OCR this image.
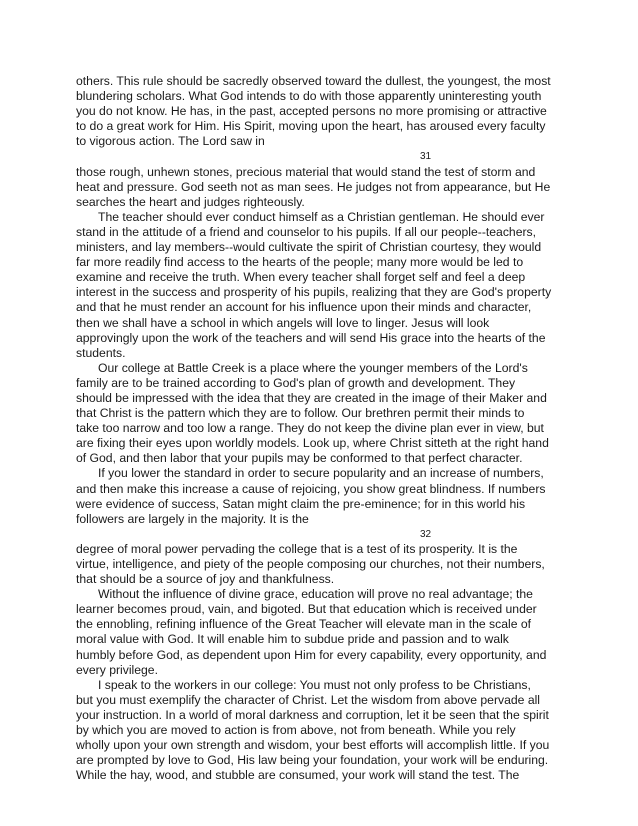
others. This rule should be sacredly observed toward the dullest, the youngest, the most
blundering scholars. What God intends to do with those apparently uninteresting youth
you do not know. He has, in the past, accepted persons no more promising or attractive
to do a great work for Him. His Spirit, moving upon the heart, has aroused every faculty
to vigorous action. The Lord saw in
31
those rough, unhewn stones, precious material that would stand the test of storm and
heat and pressure. God seeth not as man sees. He judges not from appearance, but He
searches the heart and judges righteously.
The teacher should ever conduct himself as a Christian gentleman. He should ever
stand in the attitude of a friend and counselor to his pupils. If all our people--teachers,
ministers, and lay members--would cultivate the spirit of Christian courtesy, they would
far more readily find access to the hearts of the people; many more would be led to
examine and receive the truth. When every teacher shall forget self and feel a deep
interest in the success and prosperity of his pupils, realizing that they are God's property
and that he must render an account for his influence upon their minds and character,
then we shall have a school in which angels will love to linger. Jesus will look
approvingly upon the work of the teachers and will send His grace into the hearts of the
students.
Our college at Battle Creek is a place where the younger members of the Lord's
family are to be trained according to God's plan of growth and development. They
should be impressed with the idea that they are created in the image of their Maker and
that Christ is the pattern which they are to follow. Our brethren permit their minds to
take too narrow and too low a range. They do not keep the divine plan ever in view, but
are fixing their eyes upon worldly models. Look up, where Christ sitteth at the right hand
of God, and then labor that your pupils may be conformed to that perfect character.
If you lower the standard in order to secure popularity and an increase of numbers,
and then make this increase a cause of rejoicing, you show great blindness. If numbers
were evidence of success, Satan might claim the pre-eminence; for in this world his
followers are largely in the majority. It is the
32
degree of moral power pervading the college that is a test of its prosperity. It is the
virtue, intelligence, and piety of the people composing our churches, not their numbers,
that should be a source of joy and thankfulness.
Without the influence of divine grace, education will prove no real advantage; the
learner becomes proud, vain, and bigoted. But that education which is received under
the ennobling, refining influence of the Great Teacher will elevate man in the scale of
moral value with God. It will enable him to subdue pride and passion and to walk
humbly before God, as dependent upon Him for every capability, every opportunity, and
every privilege.
I speak to the workers in our college: You must not only profess to be Christians,
but you must exemplify the character of Christ. Let the wisdom from above pervade all
your instruction. In a world of moral darkness and corruption, let it be seen that the spirit
by which you are moved to action is from above, not from beneath. While you rely
wholly upon your own strength and wisdom, your best efforts will accomplish little. If you
are prompted by love to God, His law being your foundation, your work will be enduring.
While the hay, wood, and stubble are consumed, your work will stand the test. The
